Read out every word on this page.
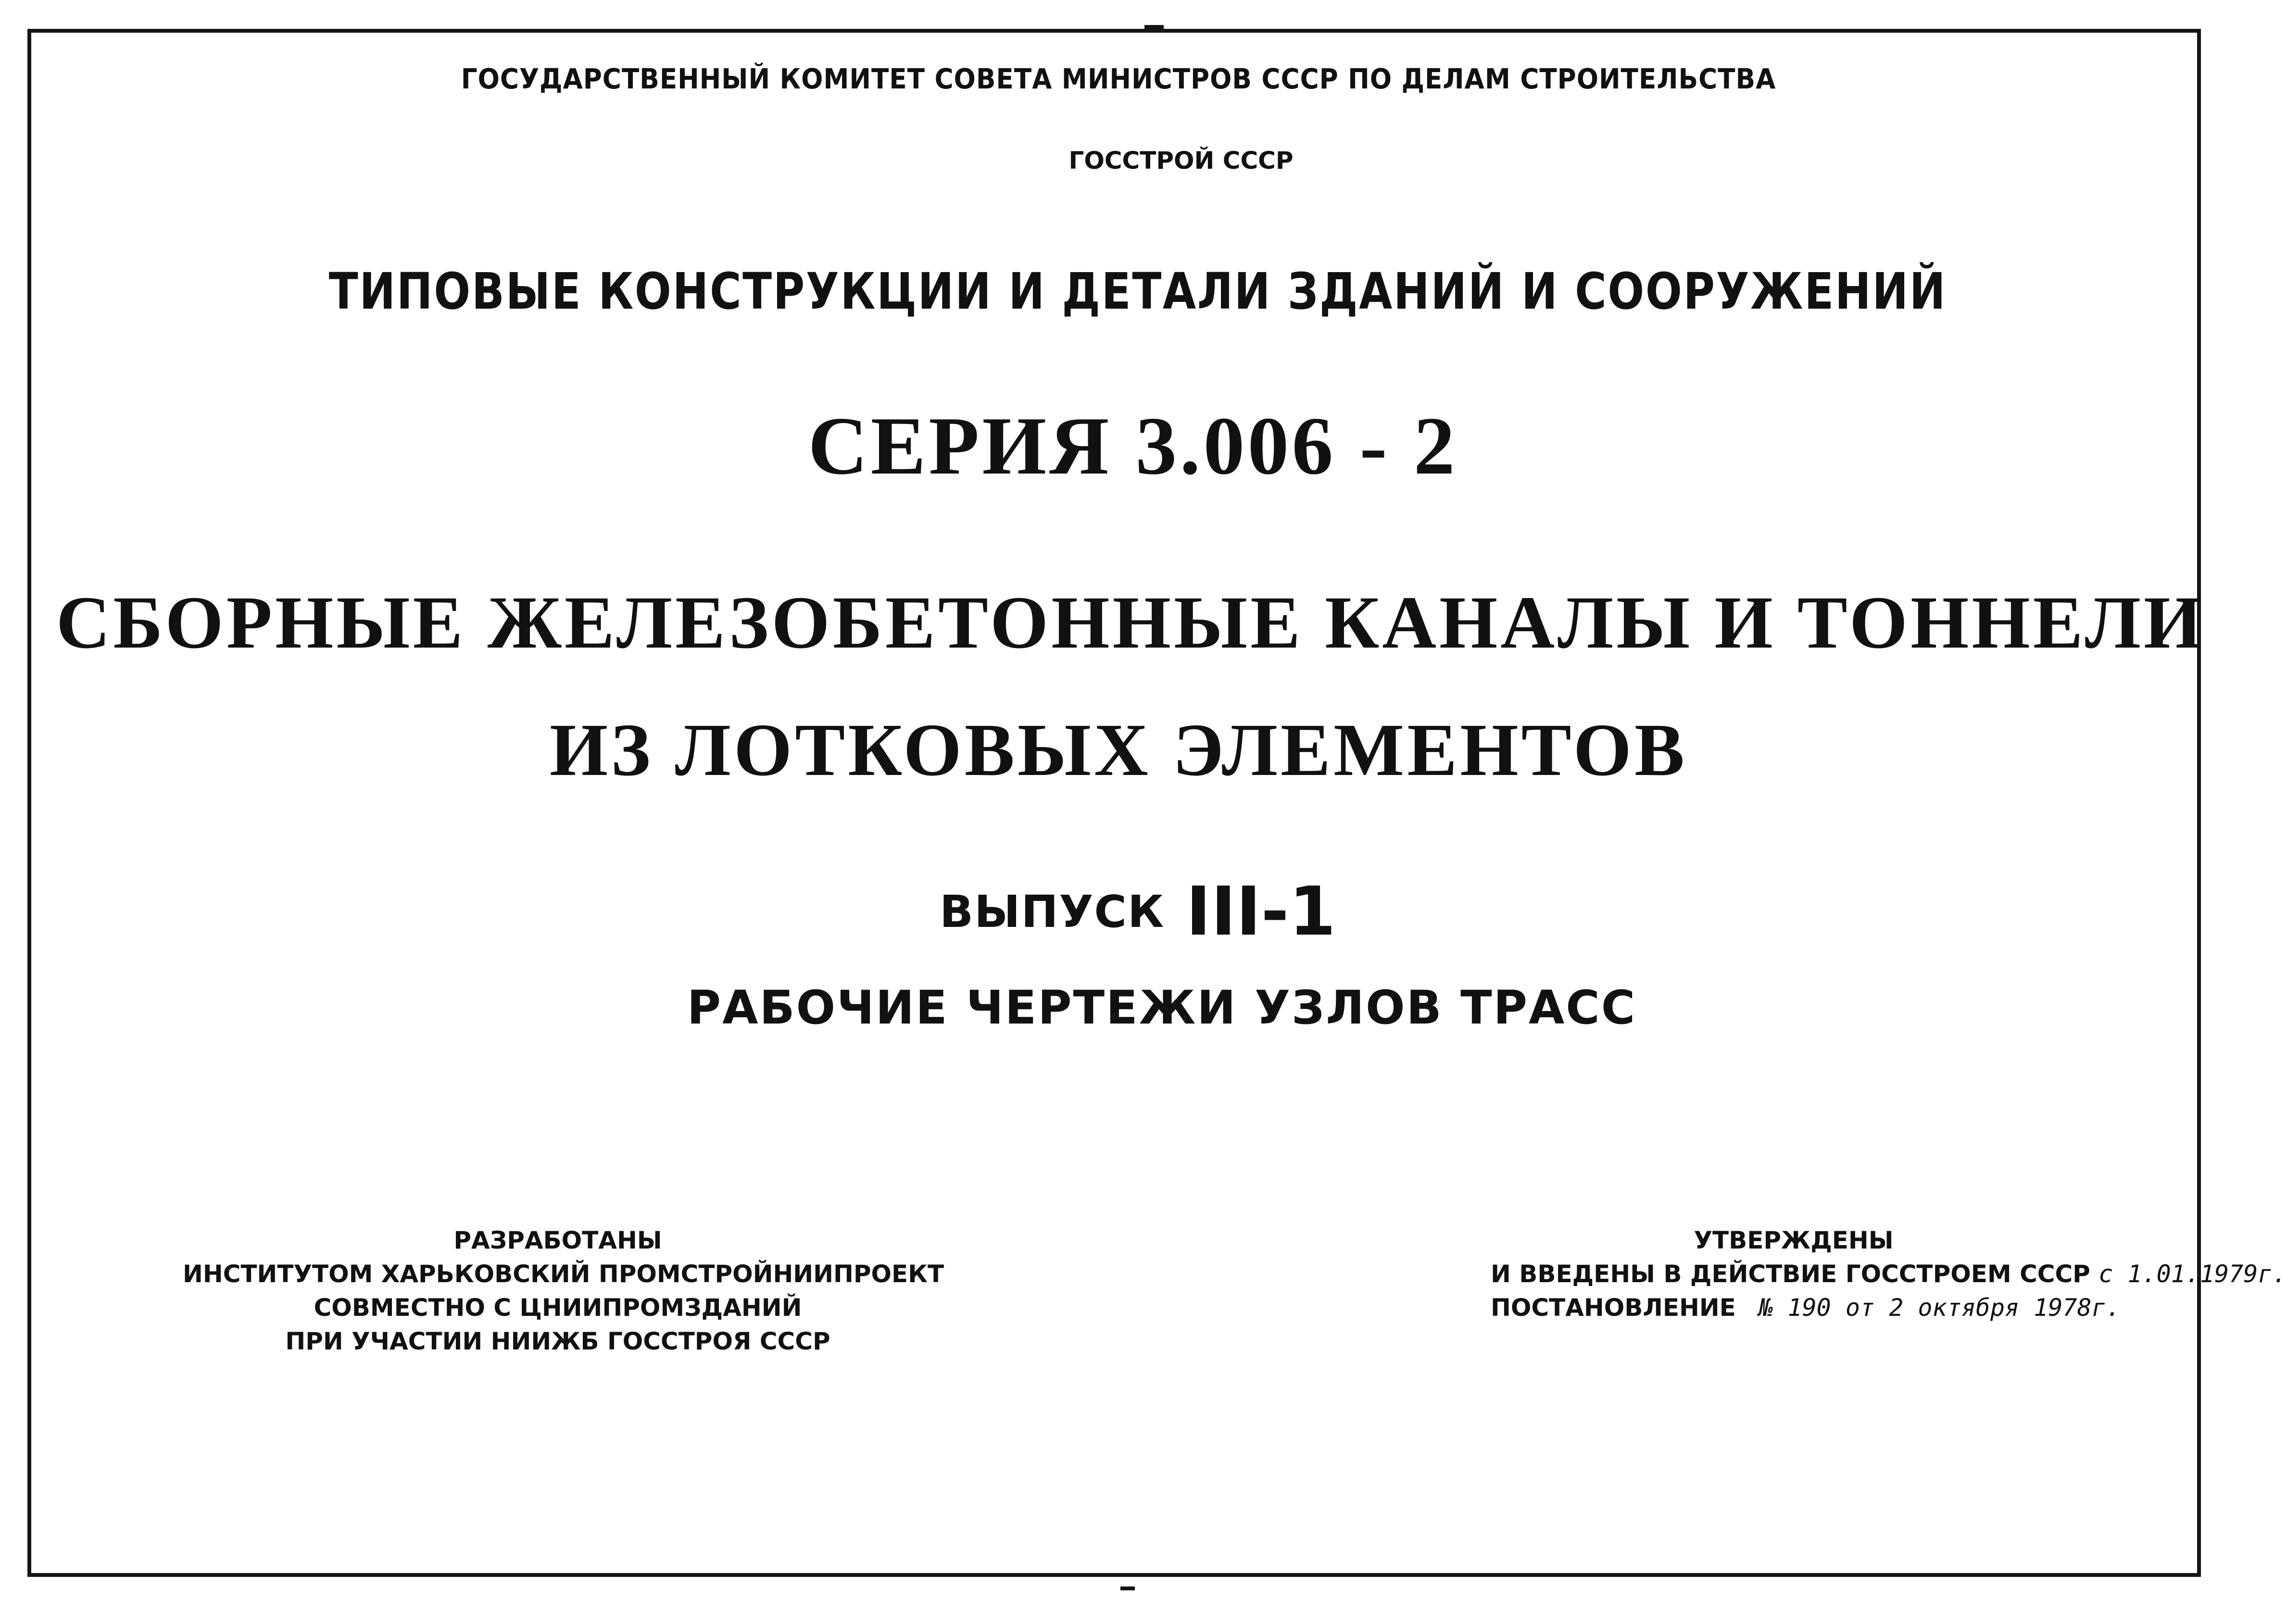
ГОСУДАРСТВЕННЫЙ КОМИТЕТ СОВЕТА МИНИСТРОВ СССР ПО ДЕЛАМ СТРОИТЕЛЬСТВА
ГОССТРОЙ СССР
ТИПОВЫЕ КОНСТРУКЦИИ И ДЕТАЛИ ЗДАНИЙ И СООРУЖЕНИЙ
СЕРИЯ 3.006 - 2
СБОРНЫЕ ЖЕЛЕЗОБЕТОННЫЕ КАНАЛЫ И ТОННЕЛИ
ИЗ ЛОТКОВЫХ ЭЛЕМЕНТОВ
ВЫПУСК III-1
РАБОЧИЕ ЧЕРТЕЖИ УЗЛОВ ТРАСС
РАЗРАБОТАНЫ
ИНСТИТУТОМ ХАРЬКОВСКИЙ ПРОМСТРОЙНИИПРОЕКТ
СОВМЕСТНО С ЦНИИПРОМЗДАНИЙ
ПРИ УЧАСТИИ НИИЖБ ГОССТРОЯ СССР
УТВЕРЖДЕНЫ
И ВВЕДЕНЫ В ДЕЙСТВИЕ ГОССТРОЕМ СССР с 1.01.1979г.
ПОСТАНОВЛЕНИЕ № 190 от 2 октября 1978г.
